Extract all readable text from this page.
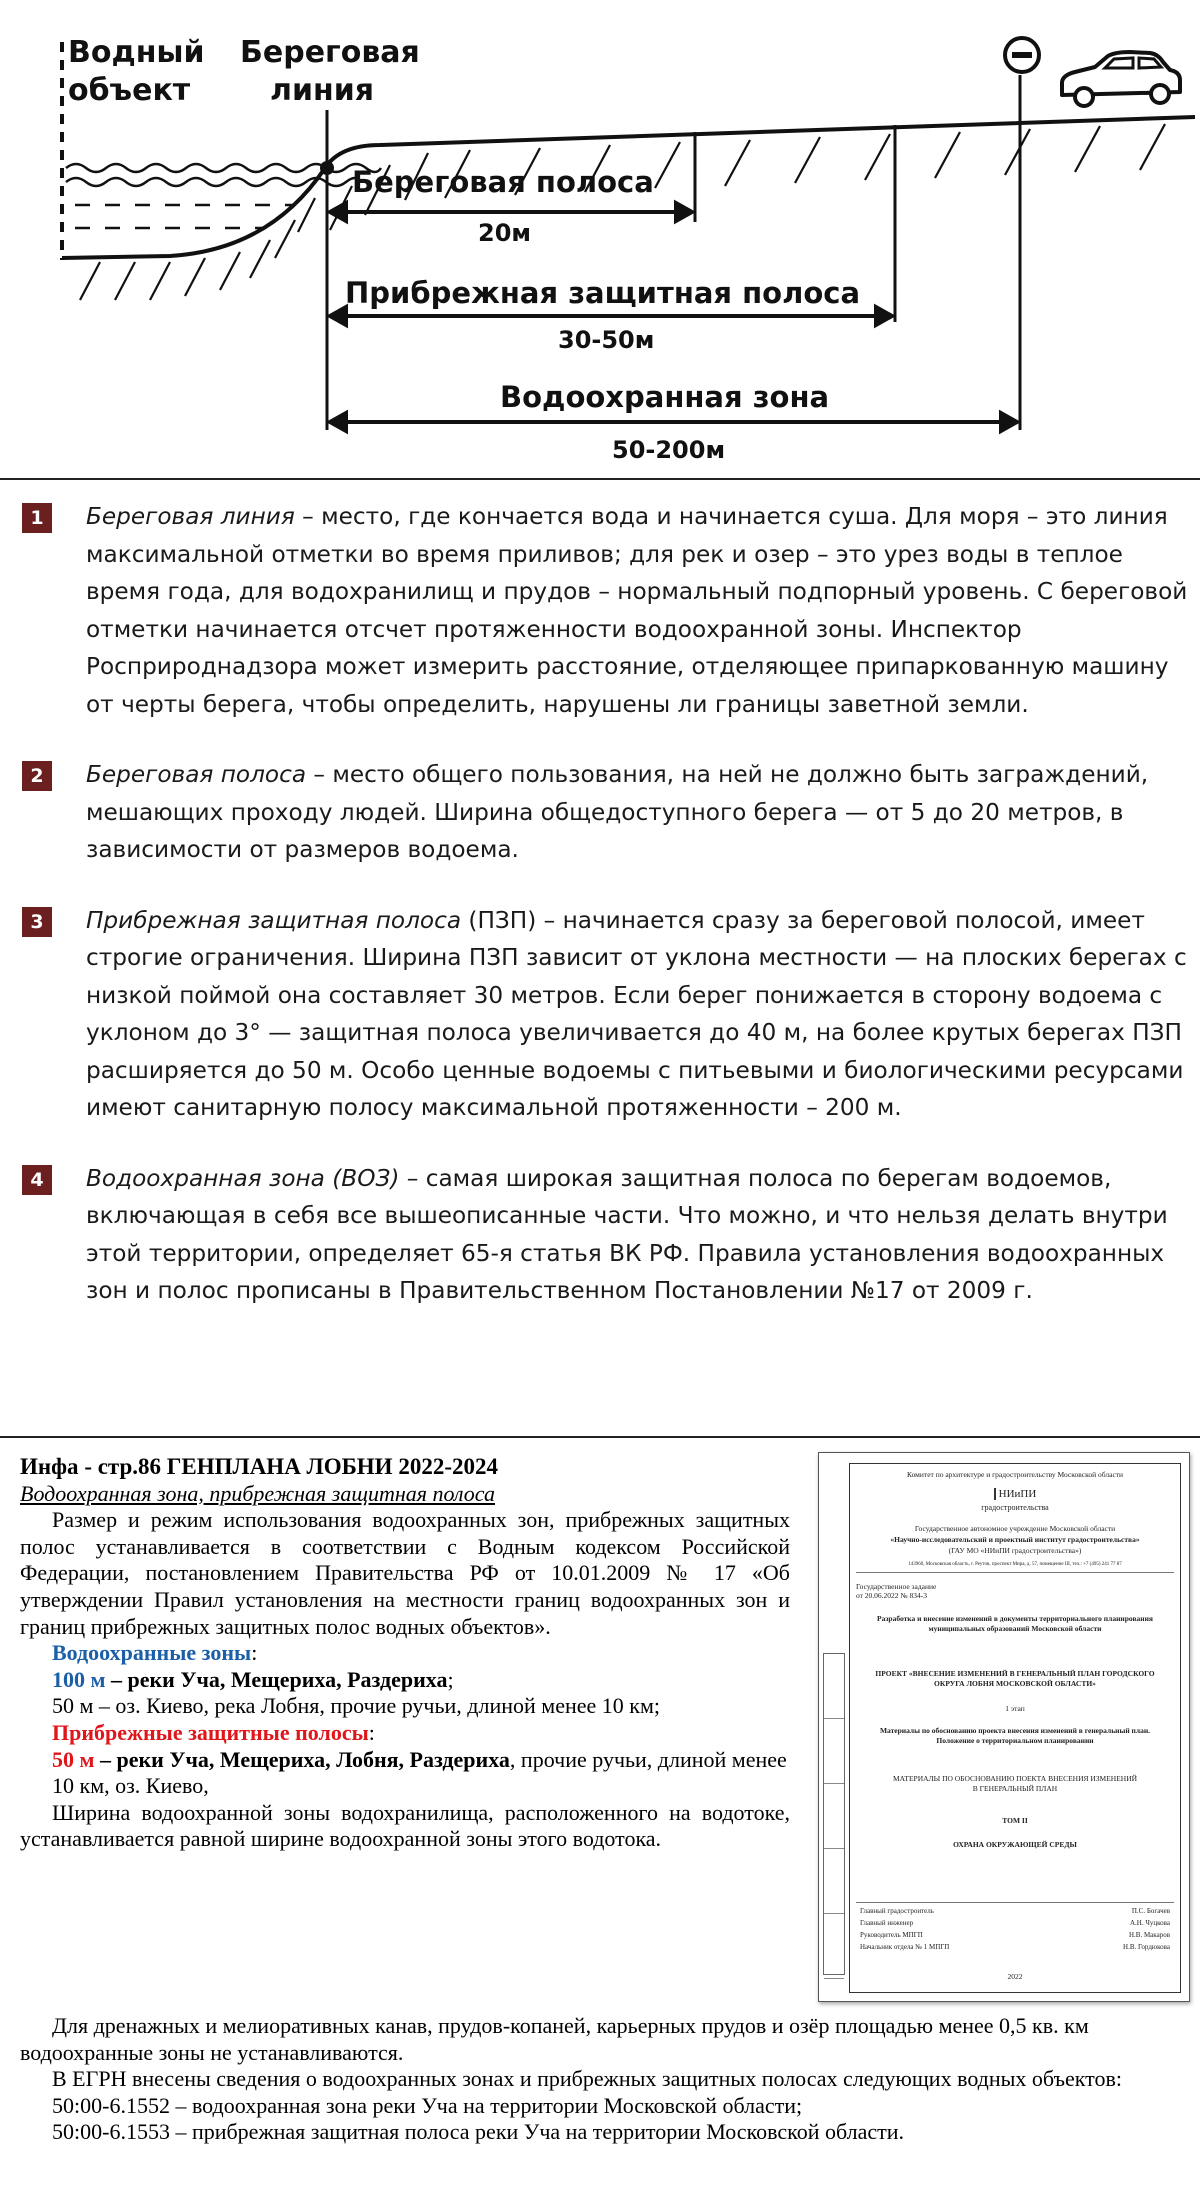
Водный
объект
Береговая
линия
Береговая полоса
20м
Прибрежная защитная полоса
30-50м
Водоохранная зона
50-200м
1	Береговая линия – место, где кончается вода и начинается суша. Для моря – это линия максимальной отметки во время приливов; для рек и озер – это урез воды в теплое время года, для водохранилищ и прудов – нормальный подпорный уровень. С береговой отметки начинается отсчет протяженности водоохранной зоны. Инспектор Росприроднадзора может измерить расстояние, отделяющее припаркованную машину от черты берега, чтобы определить, нарушены ли границы заветной земли.

2	Береговая полоса – место общего пользования, на ней не должно быть заграждений, мешающих проходу людей. Ширина общедоступного берега — от 5 до 20 метров, в зависимости от размеров водоема.

3	Прибрежная защитная полоса (ПЗП) – начинается сразу за береговой полосой, имеет строгие ограничения. Ширина ПЗП зависит от уклона местности — на плоских берегах с низкой поймой она составляет 30 метров. Если берег понижается в сторону водоема с уклоном до 3° — защитная полоса увеличивается до 40 м, на более крутых берегах ПЗП расширяется до 50 м. Особо ценные водоемы с питьевыми и биологическими ресурсами имеют санитарную полосу максимальной протяженности – 200 м.

4	Водоохранная зона (ВОЗ) – самая широкая защитная полоса по берегам водоемов, включающая в себя все вышеописанные части. Что можно, и что нельзя делать внутри этой территории, определяет 65-я статья ВК РФ. Правила установления водоохранных зон и полос прописаны в Правительственном Постановлении №17 от 2009 г.

Инфа - стр.86 ГЕНПЛАНА ЛОБНИ 2022-2024
Водоохранная зона, прибрежная защитная полоса
Размер и режим использования водоохранных зон, прибрежных защитных полос устанавливается в соответствии с Водным кодексом Российской Федерации, постановлением Правительства РФ от 10.01.2009 № 17 «Об утверждении Правил установления на местности границ водоохранных зон и границ прибрежных защитных полос водных объектов».
Водоохранные зоны:
100 м – реки Уча, Мещериха, Раздериха;
50 м – оз. Киево, река Лобня, прочие ручьи, длиной менее 10 км;
Прибрежные защитные полосы:
50 м – реки Уча, Мещериха, Лобня, Раздериха, прочие ручьи, длиной менее 10 км, оз. Киево,
Ширина водоохранной зоны водохранилища, расположенного на водотоке, устанавливается равной ширине водоохранной зоны этого водотока.
Для дренажных и мелиоративных канав, прудов-копаней, карьерных прудов и озёр площадью менее 0,5 кв. км водоохранные зоны не устанавливаются.
В ЕГРН внесены сведения о водоохранных зонах и прибрежных защитных полосах следующих водных объектов:
50:00-6.1552 – водоохранная зона реки Уча на территории Московской области;
50:00-6.1553 – прибрежная защитная полоса реки Уча на территории Московской области.
Комитет по архитектуре и градостроительству Московской области
НИиПИ
градостроительства
Государственное автономное учреждение Московской области
«Научно-исследовательский и проектный институт градостроительства»
(ГАУ МО «НИиПИ градостроительства»)
143960, Московская область, г. Реутов, проспект Мира, д. 57, помещение III, тел.: +7 (495) 241 77 87
Государственное задание
от 20.06.2022 № 834-3
Разработка и внесение изменений в документы территориального планирования муниципальных образований Московской области
ПРОЕКТ «ВНЕСЕНИЕ ИЗМЕНЕНИЙ В ГЕНЕРАЛЬНЫЙ ПЛАН ГОРОДСКОГО ОКРУГА ЛОБНЯ МОСКОВСКОЙ ОБЛАСТИ»
1 этап
Материалы по обоснованию проекта внесения изменений в генеральный план. Положение о территориальном планировании
МАТЕРИАЛЫ ПО ОБОСНОВАНИЮ ПОЕКТА ВНЕСЕНИЯ ИЗМЕНЕНИЙ В ГЕНЕРАЛЬНЫЙ ПЛАН
ТОМ II
ОХРАНА ОКРУЖАЮЩЕЙ СРЕДЫ
Главный градостроитель	П.С. Богачев
Главный инженер	А.Н. Чуцкова
Руководитель МПГП	Н.В. Макаров
Начальник отдела № 1 МПГП	Н.В. Гордюкова
2022
